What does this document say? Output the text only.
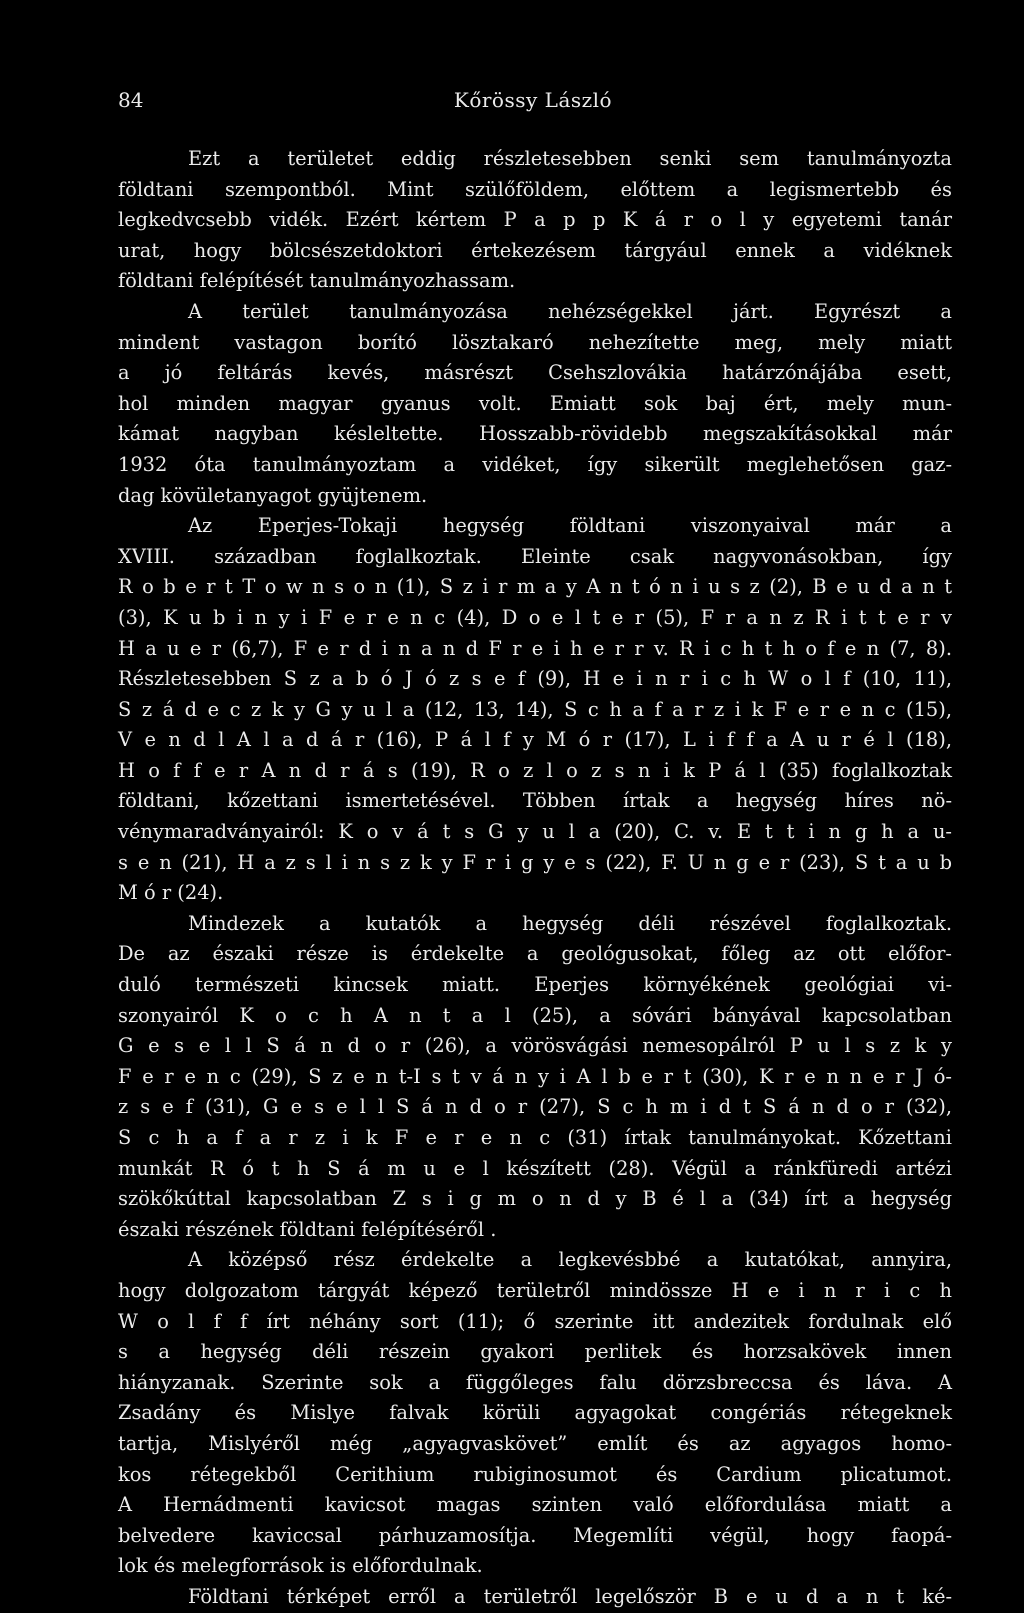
84	Kőrössy László
Ezt a területet eddig részletesebben senki sem tanulmányozta
földtani szempontból. Mint szülőföldem, előttem a legismertebb és
legkedvcsebb vidék. Ezért kértem P a p p K á r o l y egyetemi tanár
urat, hogy bölcsészetdoktori értekezésem tárgyául ennek a vidéknek
földtani felépítését tanulmányozhassam.
A terület tanulmányozása nehézségekkel járt. Egyrészt a
mindent vastagon borító lösztakaró nehezítette meg, mely miatt
a jó feltárás kevés, másrészt Csehszlovákia határzónájába esett,
hol minden magyar gyanus volt. Emiatt sok baj ért, mely mun-
kámat nagyban késleltette. Hosszabb-rövidebb megszakításokkal már
1932 óta tanulmányoztam a vidéket, így sikerült meglehetősen gaz-
dag kövületanyagot gyüjtenem.
Az Eperjes-Tokaji hegység földtani viszonyaival már a
XVIII. században foglalkoztak. Eleinte csak nagyvonásokban, így
R o b e r t T o w n s o n (1), S z i r m a y A n t ó n i u s z (2), B e u d a n t
(3), K u b i n y i F e r e n c (4), D o e l t e r (5), F r a n z R i t t e r v
H a u e r (6,7), F e r d i n a n d F r e i h e r r v. R i c h t h o f e n (7, 8).
Részletesebben S z a b ó J ó z s e f (9), H e i n r i c h W o l f (10, 11),
S z á d e c z k y G y u l a (12, 13, 14), S c h a f a r z i k F e r e n c (15),
V e n d l A l a d á r (16), P á l f y M ó r (17), L i f f a A u r é l (18),
H o f f e r A n d r á s (19), R o z l o z s n i k P á l (35) foglalkoztak
földtani, kőzettani ismertetésével. Többen írtak a hegység híres nö-
vénymaradványairól: K o v á t s G y u l a (20), C. v. E t t i n g h a u-
s e n (21), H a z s l i n s z k y F r i g y e s (22), F. U n g e r (23), S t a u b
M ó r (24).
Mindezek a kutatók a hegység déli részével foglalkoztak.
De az északi része is érdekelte a geológusokat, főleg az ott előfor-
duló természeti kincsek miatt. Eperjes környékének geológiai vi-
szonyairól K o c h A n t a l (25), a sóvári bányával kapcsolatban
G e s e l l S á n d o r (26), a vörösvágási nemesopálról P u l s z k y
F e r e n c (29), S z e n t-I s t v á n y i A l b e r t (30), K r e n n e r J ó-
z s e f (31), G e s e l l S á n d o r (27), S c h m i d t S á n d o r (32),
S c h a f a r z i k F e r e n c (31) írtak tanulmányokat. Kőzettani
munkát R ó t h S á m u e l készített (28). Végül a ránkfüredi artézi
szökőkúttal kapcsolatban Z s i g m o n d y B é l a (34) írt a hegység
északi részének földtani felépítéséről .
A középső rész érdekelte a legkevésbbé a kutatókat, annyira,
hogy dolgozatom tárgyát képező területről mindössze H e i n r i c h
W o l f f írt néhány sort (11); ő szerinte itt andezitek fordulnak elő
s a hegység déli részein gyakori perlitek és horzsakövek innen
hiányzanak. Szerinte sok a függőleges falu dörzsbreccsa és láva. A
Zsadány és Mislye falvak körüli agyagokat congériás rétegeknek
tartja, Mislyéről még „agyagvaskövet” említ és az agyagos homo-
kos rétegekből Cerithium rubiginosumot és Cardium plicatumot.
A Hernádmenti kavicsot magas szinten való előfordulása miatt a
belvedere kaviccsal párhuzamosítja. Megemlíti végül, hogy faopá-
lok és melegforrások is előfordulnak.
Földtani térképet erről a területről legelőször B e u d a n t ké-
